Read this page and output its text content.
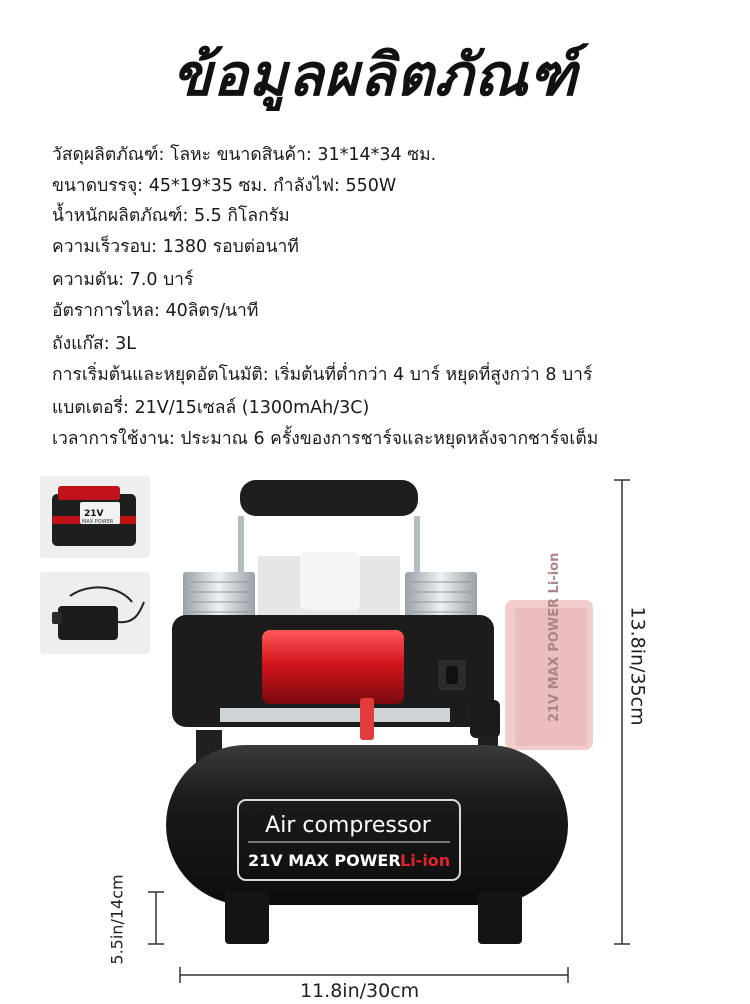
ข้อมูลผลิตภัณฑ์
วัสดุผลิตภัณฑ์: โลหะ ขนาดสินค้า: 31*14*34 ซม.
ขนาดบรรจุ: 45*19*35 ซม. กำลังไฟ: 550W
น้ำหนักผลิตภัณฑ์: 5.5 กิโลกรัม
ความเร็วรอบ: 1380 รอบต่อนาที
ความดัน: 7.0 บาร์
อัตราการไหล: 40ลิตร/นาที
ถังแก๊ส: 3L
การเริ่มต้นและหยุดอัตโนมัติ: เริ่มต้นที่ต่ำกว่า 4 บาร์ หยุดที่สูงกว่า 8 บาร์
แบตเตอรี่: 21V/15เซลล์ (1300mAh/3C)
เวลาการใช้งาน: ประมาณ 6 ครั้งของการชาร์จและหยุดหลังจากชาร์จเต็ม
21V
MAX POWER
21V MAX POWER Li-ion
Air compressor
21V MAX POWER Li-ion
11.8in/30cm
13.8in/35cm
5.5in/14cm
